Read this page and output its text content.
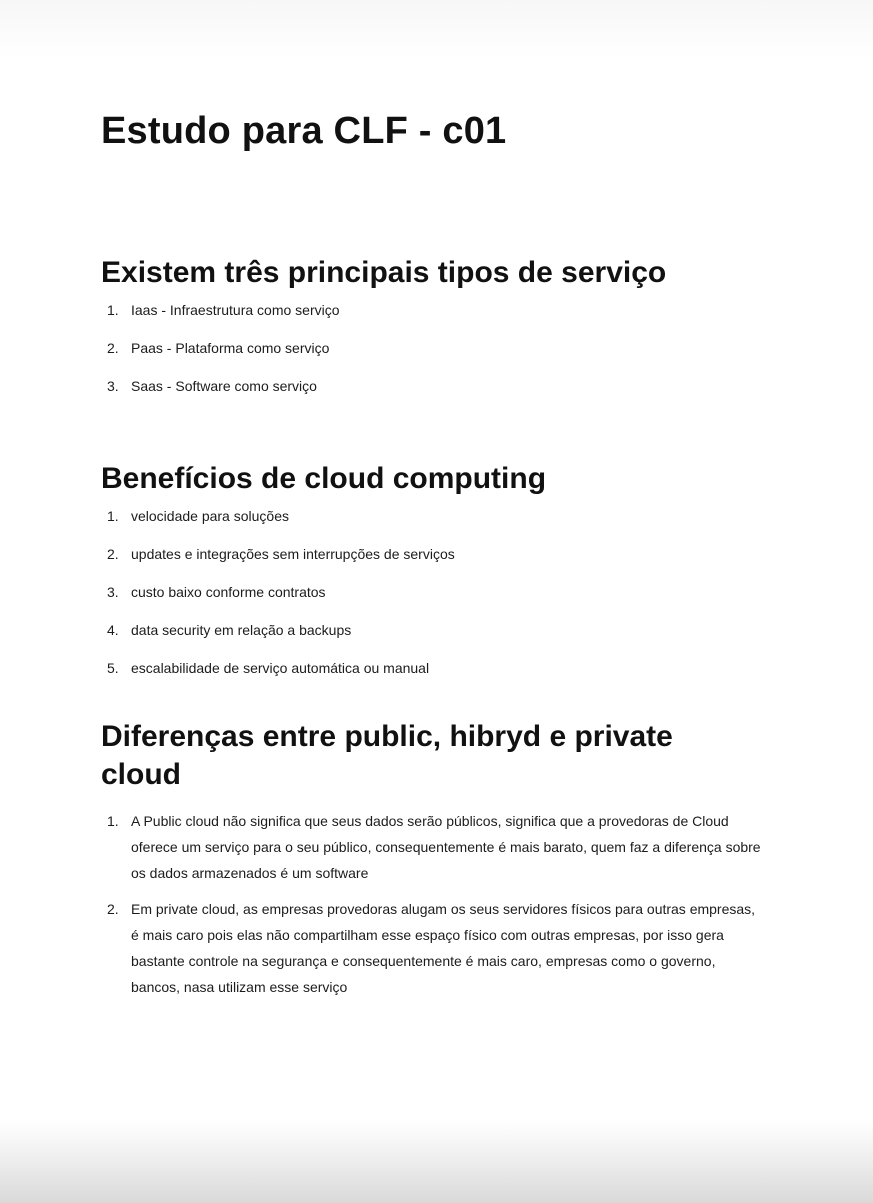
Estudo para CLF - c01
Existem três principais tipos de serviço
1. Iaas - Infraestrutura como serviço
2. Paas - Plataforma como serviço
3. Saas - Software como serviço
Benefícios de cloud computing
1. velocidade para soluções
2. updates e integrações sem interrupções de serviços
3. custo baixo conforme contratos
4. data security em relação a backups
5. escalabilidade de serviço automática ou manual
Diferenças entre public, hibryd e private cloud
1. A Public cloud não significa que seus dados serão públicos, significa que a provedoras de Cloud oferece um serviço para o seu público, consequentemente é mais barato, quem faz a diferença sobre os dados armazenados é um software
2. Em private cloud, as empresas provedoras alugam os seus servidores físicos para outras empresas, é mais caro pois elas não compartilham esse espaço físico com outras empresas, por isso gera bastante controle na segurança e consequentemente é mais caro, empresas como o governo, bancos, nasa utilizam esse serviço
